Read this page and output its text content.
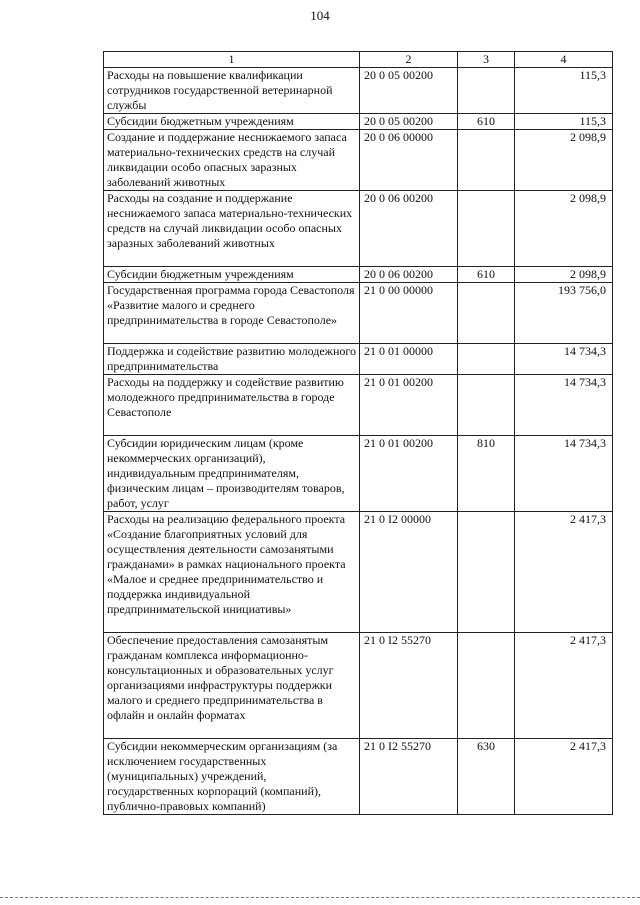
104
1	2	3	4
Расходы на повышение квалификации сотрудников государственной ветеринарной службы	20 0 05 00200		115,3
Субсидии бюджетным учреждениям	20 0 05 00200	610	115,3
Создание и поддержание неснижаемого запаса материально-технических средств на случай ликвидации особо опасных заразных заболеваний животных	20 0 06 00000		2 098,9
Расходы на создание и поддержание неснижаемого запаса материально-технических средств на случай ликвидации особо опасных заразных заболеваний животных	20 0 06 00200		2 098,9
Субсидии бюджетным учреждениям	20 0 06 00200	610	2 098,9
Государственная программа города Севастополя «Развитие малого и среднего предпринимательства в городе Севастополе»	21 0 00 00000		193 756,0
Поддержка и содействие развитию молодежного предпринимательства	21 0 01 00000		14 734,3
Расходы на поддержку и содействие развитию молодежного предпринимательства в городе Севастополе	21 0 01 00200		14 734,3
Субсидии юридическим лицам (кроме некоммерческих организаций), индивидуальным предпринимателям, физическим лицам – производителям товаров, работ, услуг	21 0 01 00200	810	14 734,3
Расходы на реализацию федерального проекта «Создание благоприятных условий для осуществления деятельности самозанятыми гражданами» в рамках национального проекта «Малое и среднее предпринимательство и поддержка индивидуальной предпринимательской инициативы»	21 0 I2 00000		2 417,3
Обеспечение предоставления самозанятым гражданам комплекса информационно-консультационных и образовательных услуг организациями инфраструктуры поддержки малого и среднего предпринимательства в офлайн и онлайн форматах	21 0 I2 55270		2 417,3
Субсидии некоммерческим организациям (за исключением государственных (муниципальных) учреждений, государственных корпораций (компаний), публично-правовых компаний)	21 0 I2 55270	630	2 417,3
